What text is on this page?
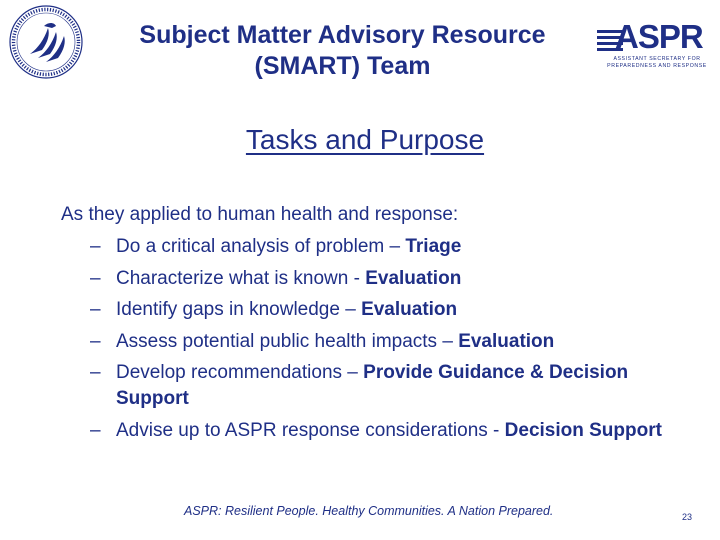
Subject Matter Advisory Resource
(SMART) Team
ASPR
ASSISTANT SECRETARY FOR PREPAREDNESS AND RESPONSE
Tasks and Purpose
As they applied to human health and response:
– Do a critical analysis of problem – Triage
– Characterize what is known - Evaluation
– Identify gaps in knowledge – Evaluation
– Assess potential public health impacts – Evaluation
– Develop recommendations – Provide Guidance & Decision Support
– Advise up to ASPR response considerations - Decision Support
ASPR: Resilient People. Healthy Communities. A Nation Prepared.	23
